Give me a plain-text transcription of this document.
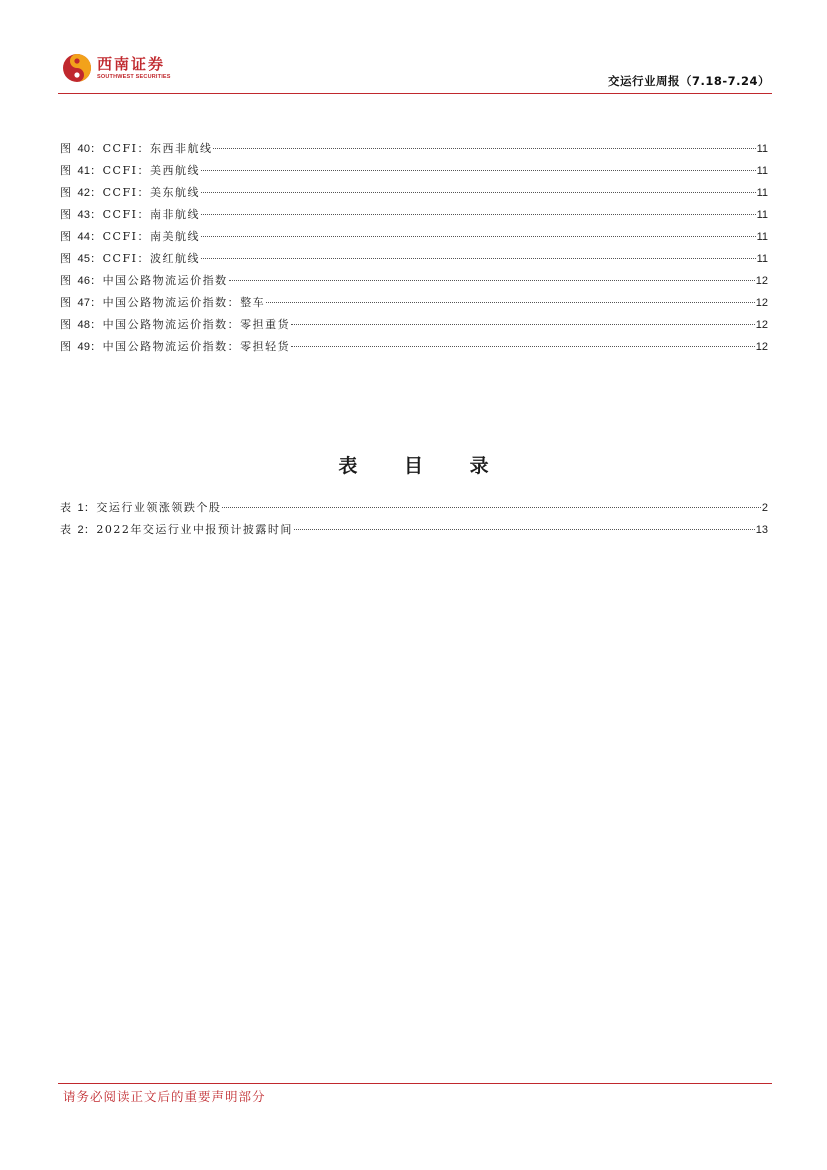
西南证券
SOUTHWEST SECURITIES	交运行业周报（7.18-7.24）
图 40：CCFI：东西非航线	11
图 41：CCFI：美西航线	11
图 42：CCFI：美东航线	11
图 43：CCFI：南非航线	11
图 44：CCFI：南美航线	11
图 45：CCFI：波红航线	11
图 46：中国公路物流运价指数	12
图 47：中国公路物流运价指数：整车	12
图 48：中国公路物流运价指数：零担重货	12
图 49：中国公路物流运价指数：零担轻货	12
表 目 录
表 1：交运行业领涨领跌个股	2
表 2：2022年交运行业中报预计披露时间	13
请务必阅读正文后的重要声明部分
